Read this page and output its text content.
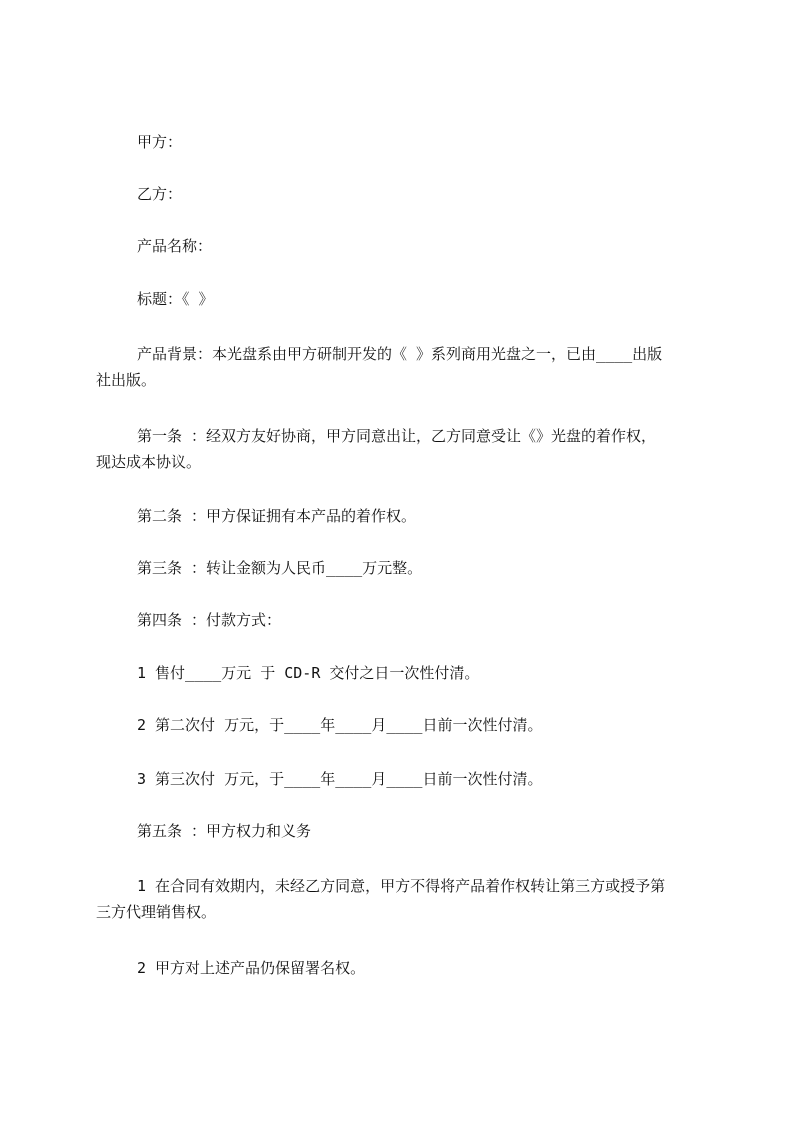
甲方：
乙方：
产品名称：
标题：《 》
产品背景：本光盘系由甲方研制开发的《 》系列商用光盘之一，已由____出版
社出版。
第一条 ：经双方友好协商，甲方同意出让，乙方同意受让《》光盘的着作权，
现达成本协议。
第二条 ：甲方保证拥有本产品的着作权。
第三条 ：转让金额为人民币____万元整。
第四条 ：付款方式：
1 售付____万元 于 CD-R 交付之日一次性付清。
2 第二次付 万元，于____年____月____日前一次性付清。
3 第三次付 万元，于____年____月____日前一次性付清。
第五条 ：甲方权力和义务
1 在合同有效期内，未经乙方同意，甲方不得将产品着作权转让第三方或授予第
三方代理销售权。
2 甲方对上述产品仍保留署名权。
